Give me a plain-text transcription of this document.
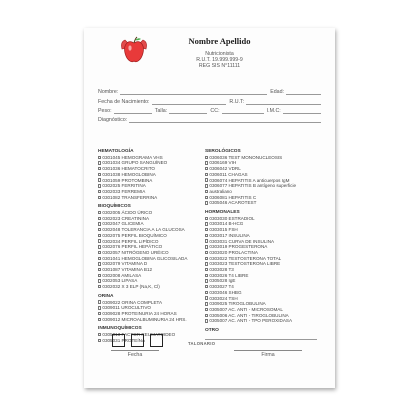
Nombre Apellido
Nutricionista
R.U.T. 19.999.999-9
REG SIS N°11111
Nombre:	Edad:
Fecha de Nacimiento:	R.U.T:
Peso:	Talla:	CC:	I.M.C:
Diagnóstico:
HEMATOLOGÍA
0301045 HEMOGRAMA VHS
0301034 GRUPO SANGUÍNEO
0301036 HEMATOCRITO
0301038 HEMOGLOBINA
0301059 PROTOMBINA
0302025 FERRITINA
0302033 FERREMIA
0301082 TRANSFERRINA
BIOQUÍMICOS
0302005 ÁCIDO ÚRICO
0302023 CREATININA
0302047 GLICEMIA
0302048 TOLERANCIA A LA GLUCOSA
0302075 PERFIL BIOQUÍMICO
0302034 PERFIL LIPÍDICO
0302076 PERFIL HEPÁTICO
0302057 NITRÓGENO URÉICO
0301041 HEMOGLOBINA GLICOSILADA
0302079 VITAMINA D
0301087 VITAMINA B12
0302008 AMILASA
0302053 LIPASA
0302032 X 3 ELP (Na,K, Cl)
ORINA
0309022 ORINA COMPLETA
0309011 UROCULTIVO
0309028 PROTEINURIA 24 HORAS
0309012 MICROALBUMINURIA 24 HRS.
INMUNOQUÍMICOS
0305013 FACTOR REUMATOIDEO
0305031 PROTEÍNA
SEROLÓGICOS
0306036 TEST MONONUCLEOSIS
0306169 VIH
0306042 VDRL
0306011 CHAGAS
0306074 HEPATITIS A anticuerpos IgM
0306077 HEPATITIS B antígeno superficie
australiano
0306081 HEPATITIS C
0305046 ACAROTEST
HORMONALES
0303030 ESTRADIOL
0303014 B-HCG
0303015 FSH
0303017 INSULINA
0303031 CURVA DE INSULINA
0303019 PROGESTERONA
0303020 PROLACTINA
0303022 TESTOSTERONA TOTAL
0303023 TESTOSTERONA LIBRE
0303028 T3
0303026 T4 LIBRE
0305028 IgE
0303027 T4
0303046 SHBG
0303024 TSH
0309025 TIROGLOBULINA
0305007 AC. ANTI - MICROSOMAL
0305006 AC. ANTI - TIROGLOBULINA
0305007 AC. ANTI - TPO PEROXIDASA
OTRO
TALONARIO
Fecha	Firma
